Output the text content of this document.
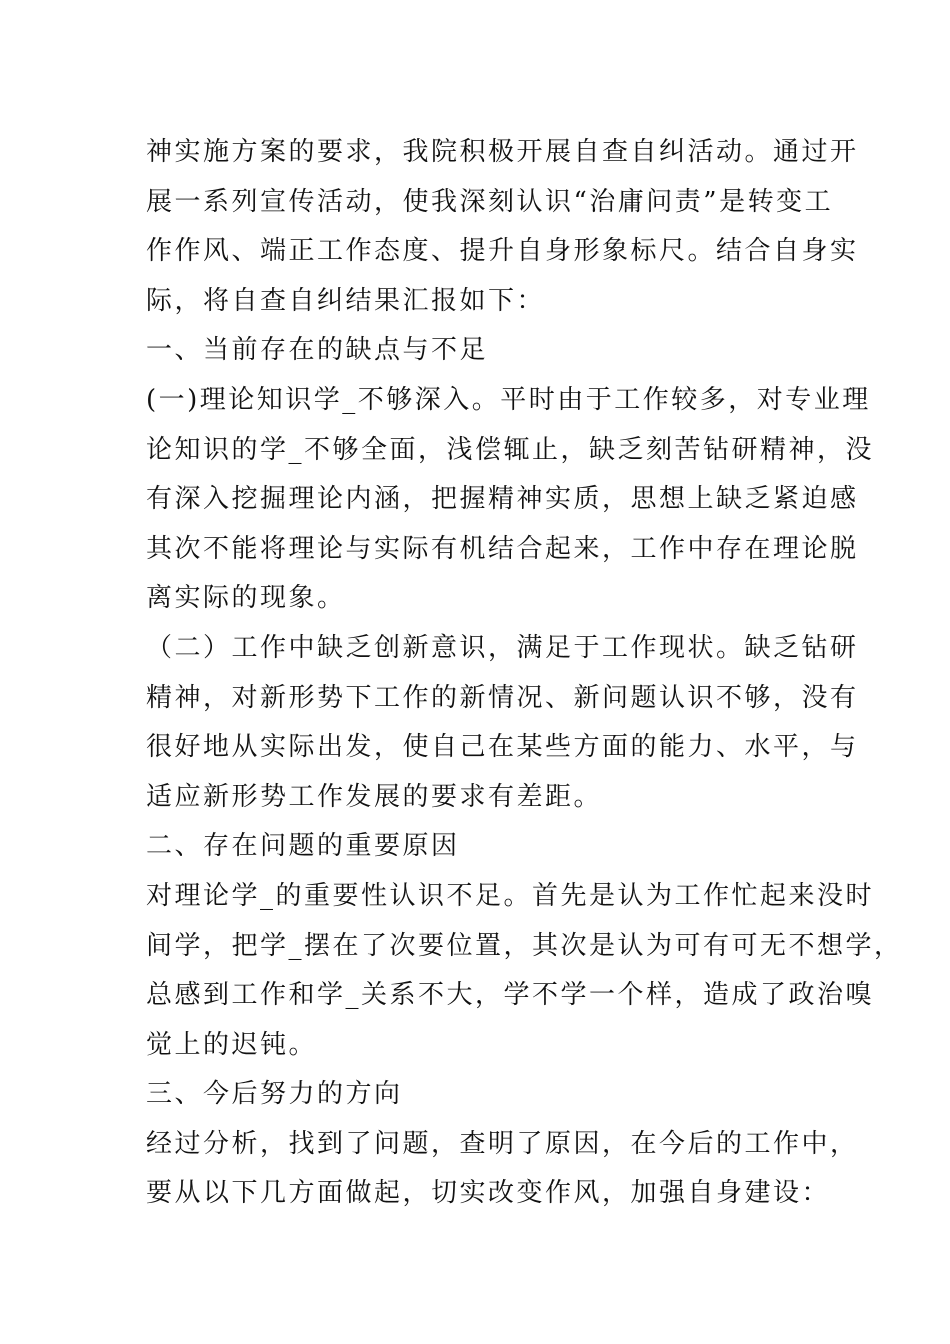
神实施方案的要求，我院积极开展自查自纠活动。通过开
展一系列宣传活动，使我深刻认识“治庸问责”是转变工
作作风、端正工作态度、提升自身形象标尺。结合自身实
际，将自查自纠结果汇报如下：
一、当前存在的缺点与不足
(一)理论知识学_不够深入。平时由于工作较多，对专业理
论知识的学_不够全面，浅偿辄止，缺乏刻苦钻研精神，没
有深入挖掘理论内涵，把握精神实质，思想上缺乏紧迫感
其次不能将理论与实际有机结合起来，工作中存在理论脱
离实际的现象。
（二）工作中缺乏创新意识，满足于工作现状。缺乏钻研
精神，对新形势下工作的新情况、新问题认识不够，没有
很好地从实际出发，使自己在某些方面的能力、水平，与
适应新形势工作发展的要求有差距。
二、存在问题的重要原因
对理论学_的重要性认识不足。首先是认为工作忙起来没时
间学，把学_摆在了次要位置，其次是认为可有可无不想学，
总感到工作和学_关系不大，学不学一个样，造成了政治嗅
觉上的迟钝。
三、今后努力的方向
经过分析，找到了问题，查明了原因，在今后的工作中，
要从以下几方面做起，切实改变作风，加强自身建设：
